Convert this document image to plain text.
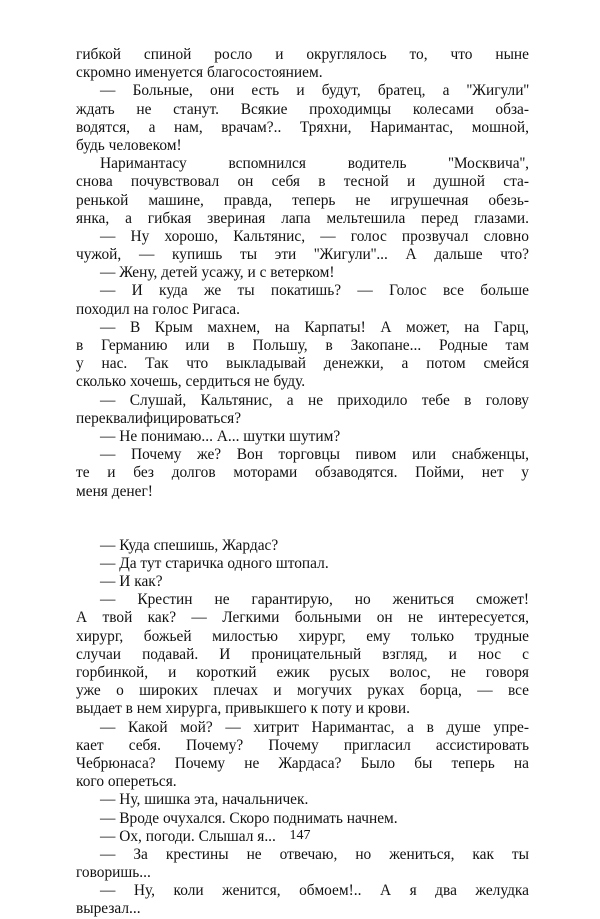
гибкой спиной росло и округлялось то, что ныне
скромно именуется благосостоянием.
— Больные, они есть и будут, братец, а ''Жигули''
ждать не станут. Всякие проходимцы колесами обза-
водятся, а нам, врачам?.. Тряхни, Наримантас, мошной,
будь человеком!
Наримантасу вспомнился водитель ''Москвича'',
снова почувствовал он себя в тесной и душной ста-
ренькой машине, правда, теперь не игрушечная обезь-
янка, а гибкая звериная лапа мельтешила перед глазами.
— Ну хорошо, Кальтянис, — голос прозвучал словно
чужой, — купишь ты эти ''Жигули''... А дальше что?
— Жену, детей усажу, и с ветерком!
— И куда же ты покатишь? — Голос все больше
походил на голос Ригаса.
— В Крым махнем, на Карпаты! А может, на Гарц,
в Германию или в Польшу, в Закопане... Родные там
у нас. Так что выкладывай денежки, а потом смейся
сколько хочешь, сердиться не буду.
— Слушай, Кальтянис, а не приходило тебе в голову
переквалифицироваться?
— Не понимаю... А... шутки шутим?
— Почему же? Вон торговцы пивом или снабженцы,
те и без долгов моторами обзаводятся. Пойми, нет у
меня денег!
— Куда спешишь, Жардас?
— Да тут старичка одного штопал.
— И как?
— Крестин не гарантирую, но жениться сможет!
А твой как? — Легкими больными он не интересуется,
хирург, божьей милостью хирург, ему только трудные
случаи подавай. И проницательный взгляд, и нос с
горбинкой, и короткий ежик русых волос, не говоря
уже о широких плечах и могучих руках борца, — все
выдает в нем хирурга, привыкшего к поту и крови.
— Какой мой? — хитрит Наримантас, а в душе упре-
кает себя. Почему? Почему пригласил ассистировать
Чебрюнаса? Почему не Жардаса? Было бы теперь на
кого опереться.
— Ну, шишка эта, начальничек.
— Вроде очухался. Скоро поднимать начнем.
— Ох, погоди. Слышал я...
— За крестины не отвечаю, но жениться, как ты
говоришь...
— Ну, коли женится, обмоем!.. А я два желудка
вырезал...
147
